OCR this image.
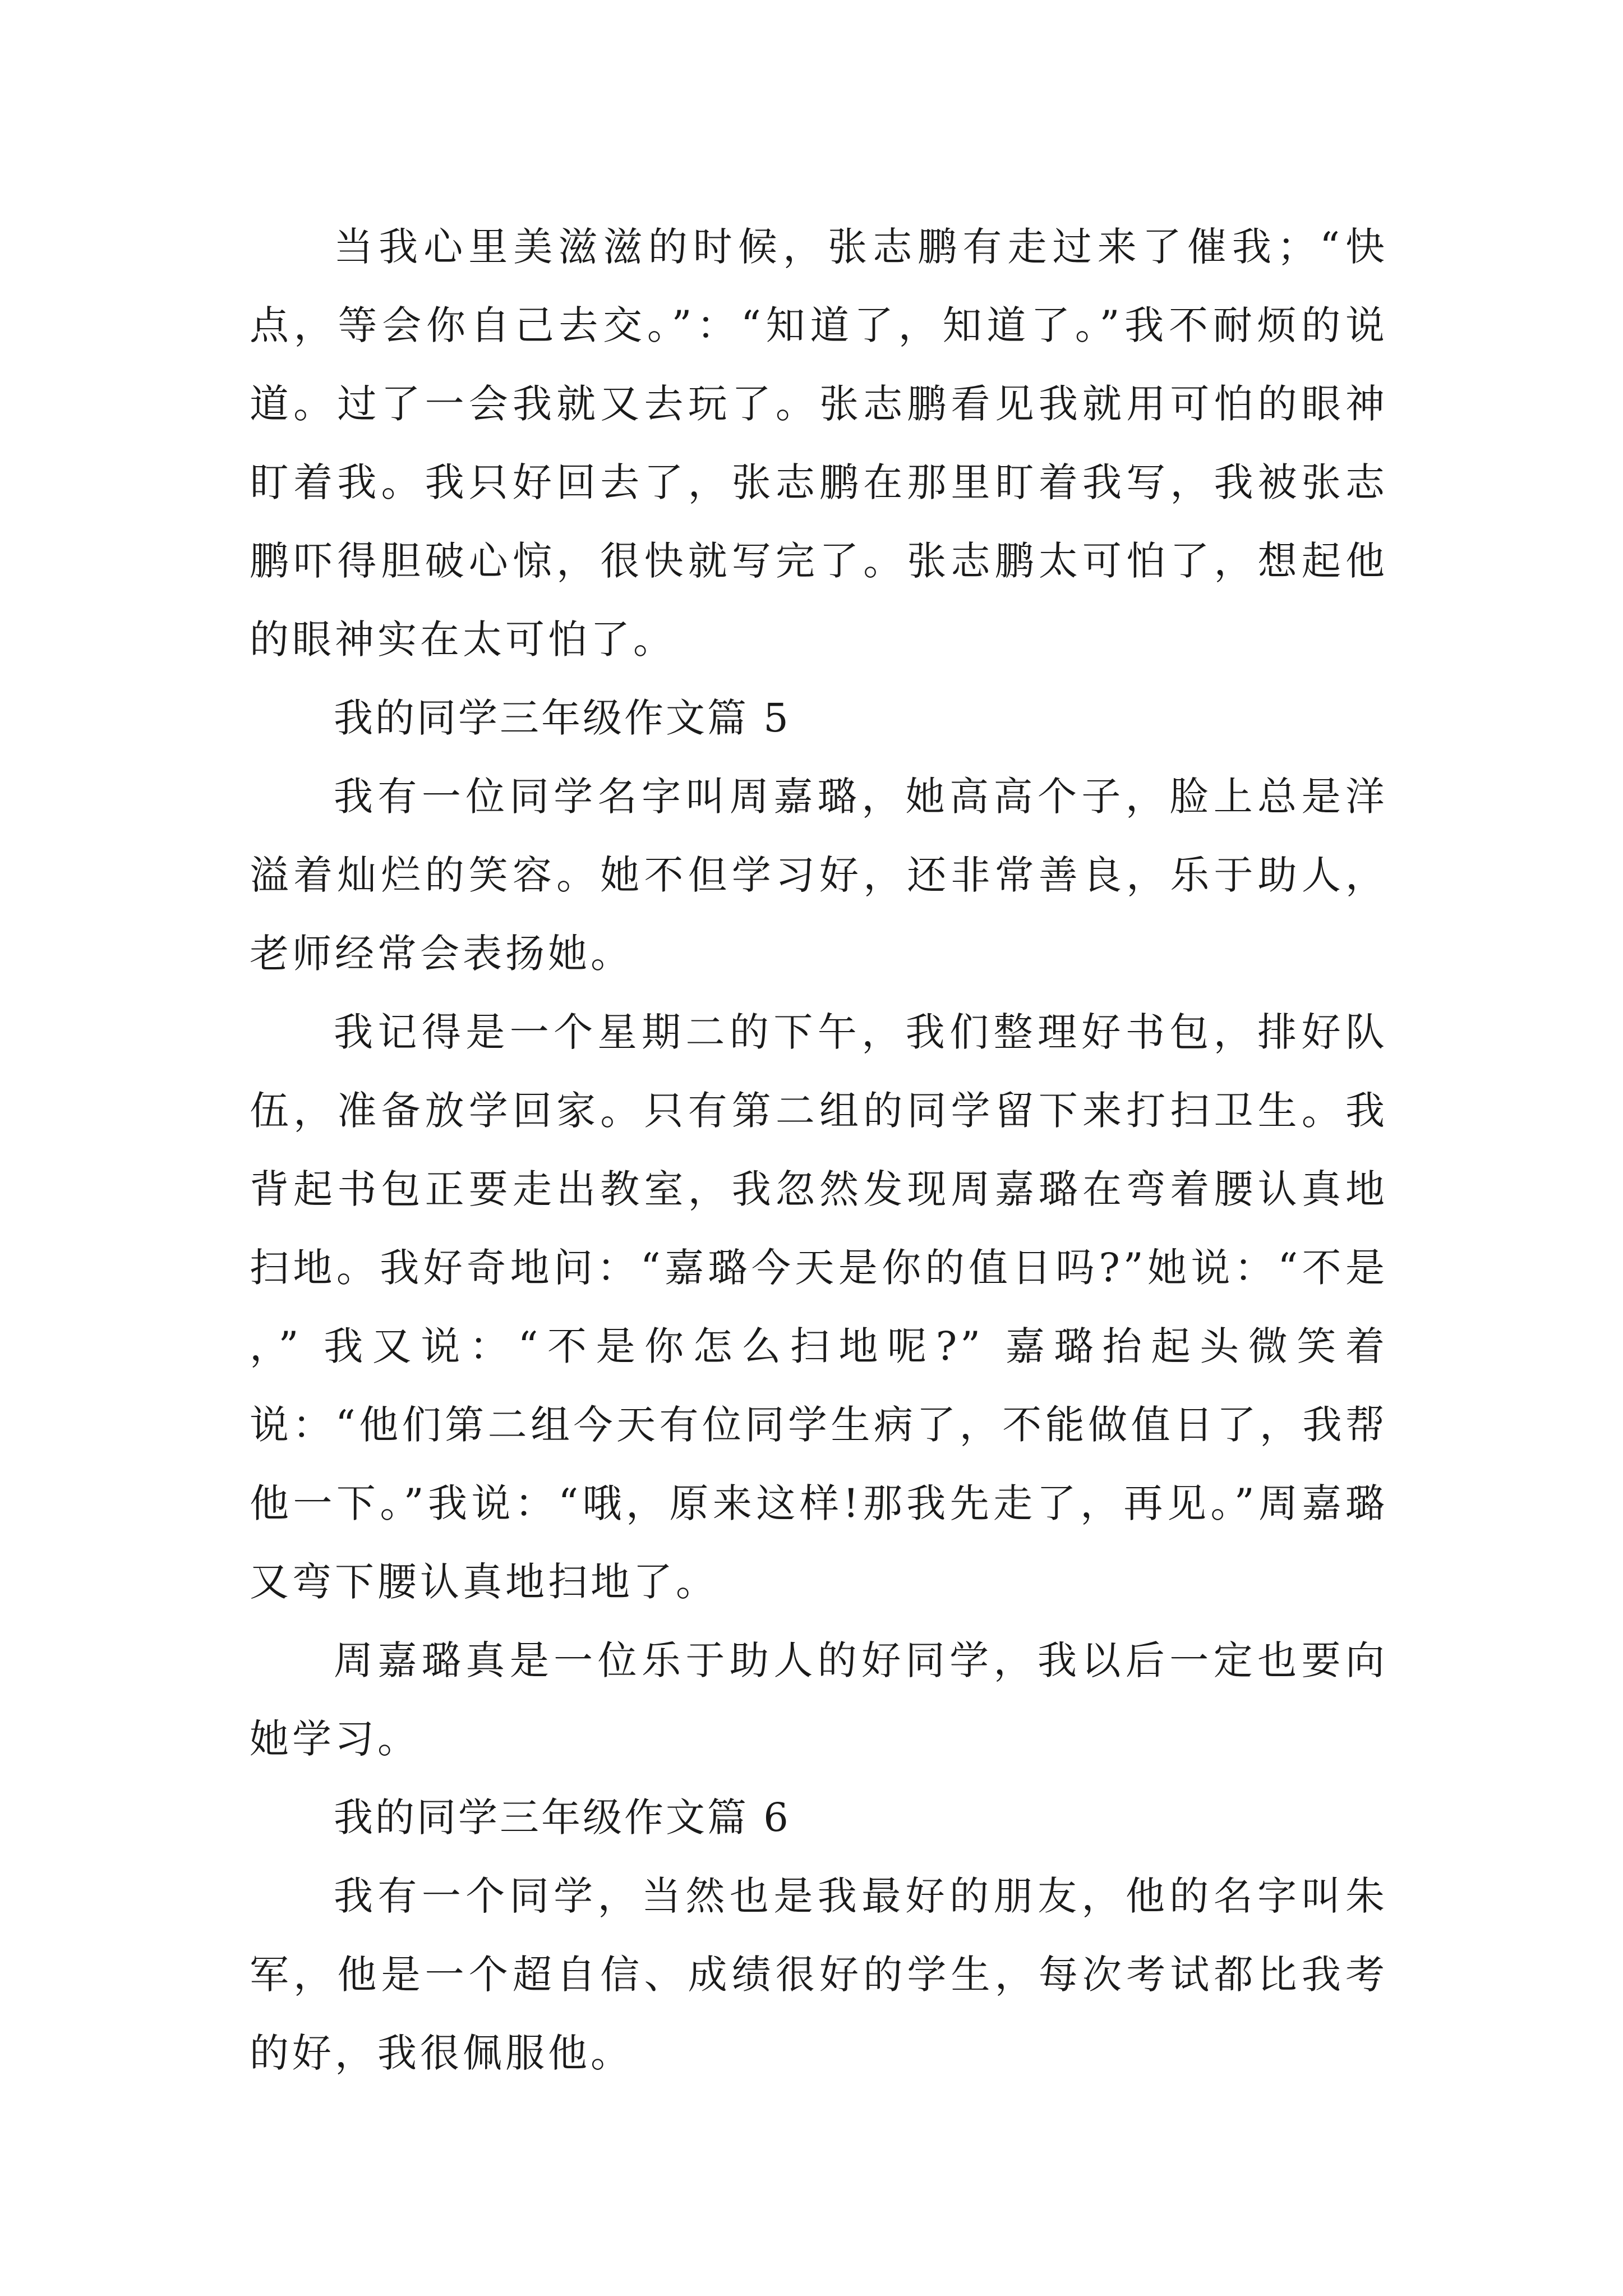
当我心里美滋滋的时候，张志鹏有走过来了催我；“快点，等会你自己去交。”：“知道了，知道了。”我不耐烦的说道。过了一会我就又去玩了。张志鹏看见我就用可怕的眼神盯着我。我只好回去了，张志鹏在那里盯着我写，我被张志鹏吓得胆破心惊，很快就写完了。张志鹏太可怕了，想起他的眼神实在太可怕了。

我的同学三年级作文篇 5

我有一位同学名字叫周嘉璐，她高高个子，脸上总是洋溢着灿烂的笑容。她不但学习好，还非常善良，乐于助人，老师经常会表扬她。

我记得是一个星期二的下午，我们整理好书包，排好队伍，准备放学回家。只有第二组的同学留下来打扫卫生。我背起书包正要走出教室，我忽然发现周嘉璐在弯着腰认真地扫地。我好奇地问：“嘉璐今天是你的值日吗?”她说：“不是 ，” 我又说：“不是你怎么扫地呢?” 嘉璐抬起头微笑着说：“他们第二组今天有位同学生病了，不能做值日了，我帮他一下。”我说：“哦，原来这样!那我先走了，再见。”周嘉璐又弯下腰认真地扫地了。

周嘉璐真是一位乐于助人的好同学，我以后一定也要向她学习。

我的同学三年级作文篇 6

我有一个同学，当然也是我最好的朋友，他的名字叫朱军，他是一个超自信、成绩很好的学生，每次考试都比我考的好，我很佩服他。
